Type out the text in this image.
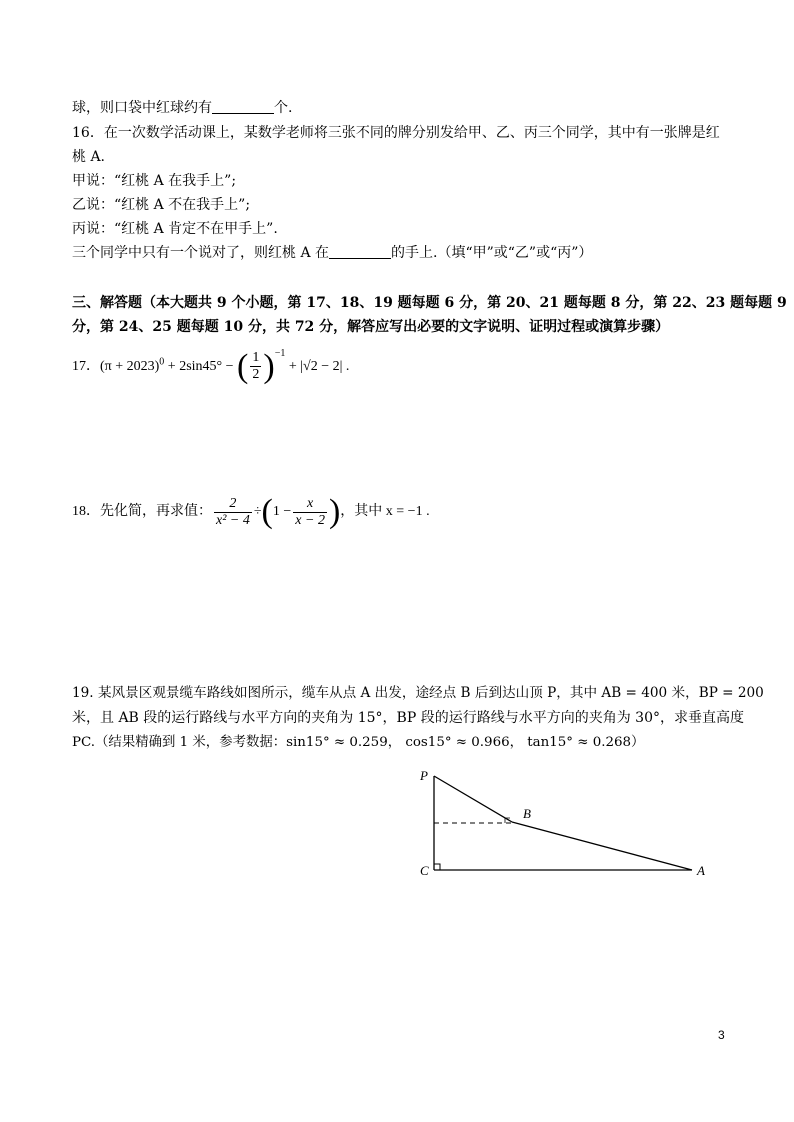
球，则口袋中红球约有	个.
16．在一次数学活动课上，某数学老师将三张不同的牌分别发给甲、乙、丙三个同学，其中有一张牌是红
桃 A.
甲说：“红桃 A 在我手上”;
乙说：“红桃 A 不在我手上”;
丙说：“红桃 A 肯定不在甲手上”.
三个同学中只有一个说对了，则红桃 A 在	的手上.（填“甲”或“乙”或“丙”）
三、解答题（本大题共 9 个小题，第 17、18、19 题每题 6 分，第 20、21 题每题 8 分，第 22、23 题每题 9
分，第 24、25 题每题 10 分，共 72 分，解答应写出必要的文字说明、证明过程或演算步骤）
17．$(\pi + 2023)^0 + 2\sin 45^\circ$ − ( $\frac{1}{2} )^{-1} + |√2 - 2|$ .
18．先化简，再求值： $\frac{2}{\text{x² − 4}} \div(1 - \frac{x}{x - 2}$ )，其中 x = −1 .
19. 某风景区观景缆车路线如图所示，缆车从点 A 出发，途经点 B 后到达山顶 P，其中 AB = 400 米，BP = 200
米，且 AB 段的运行路线与水平方向的夹角为 15°，BP 段的运行路线与水平方向的夹角为 30°，求垂直高度
PC.（结果精确到 1 米，参考数据：sin15° ≈ 0.259， cos15° ≈ 0.966， tan15° ≈ 0.268）
P
B
C	A
3
